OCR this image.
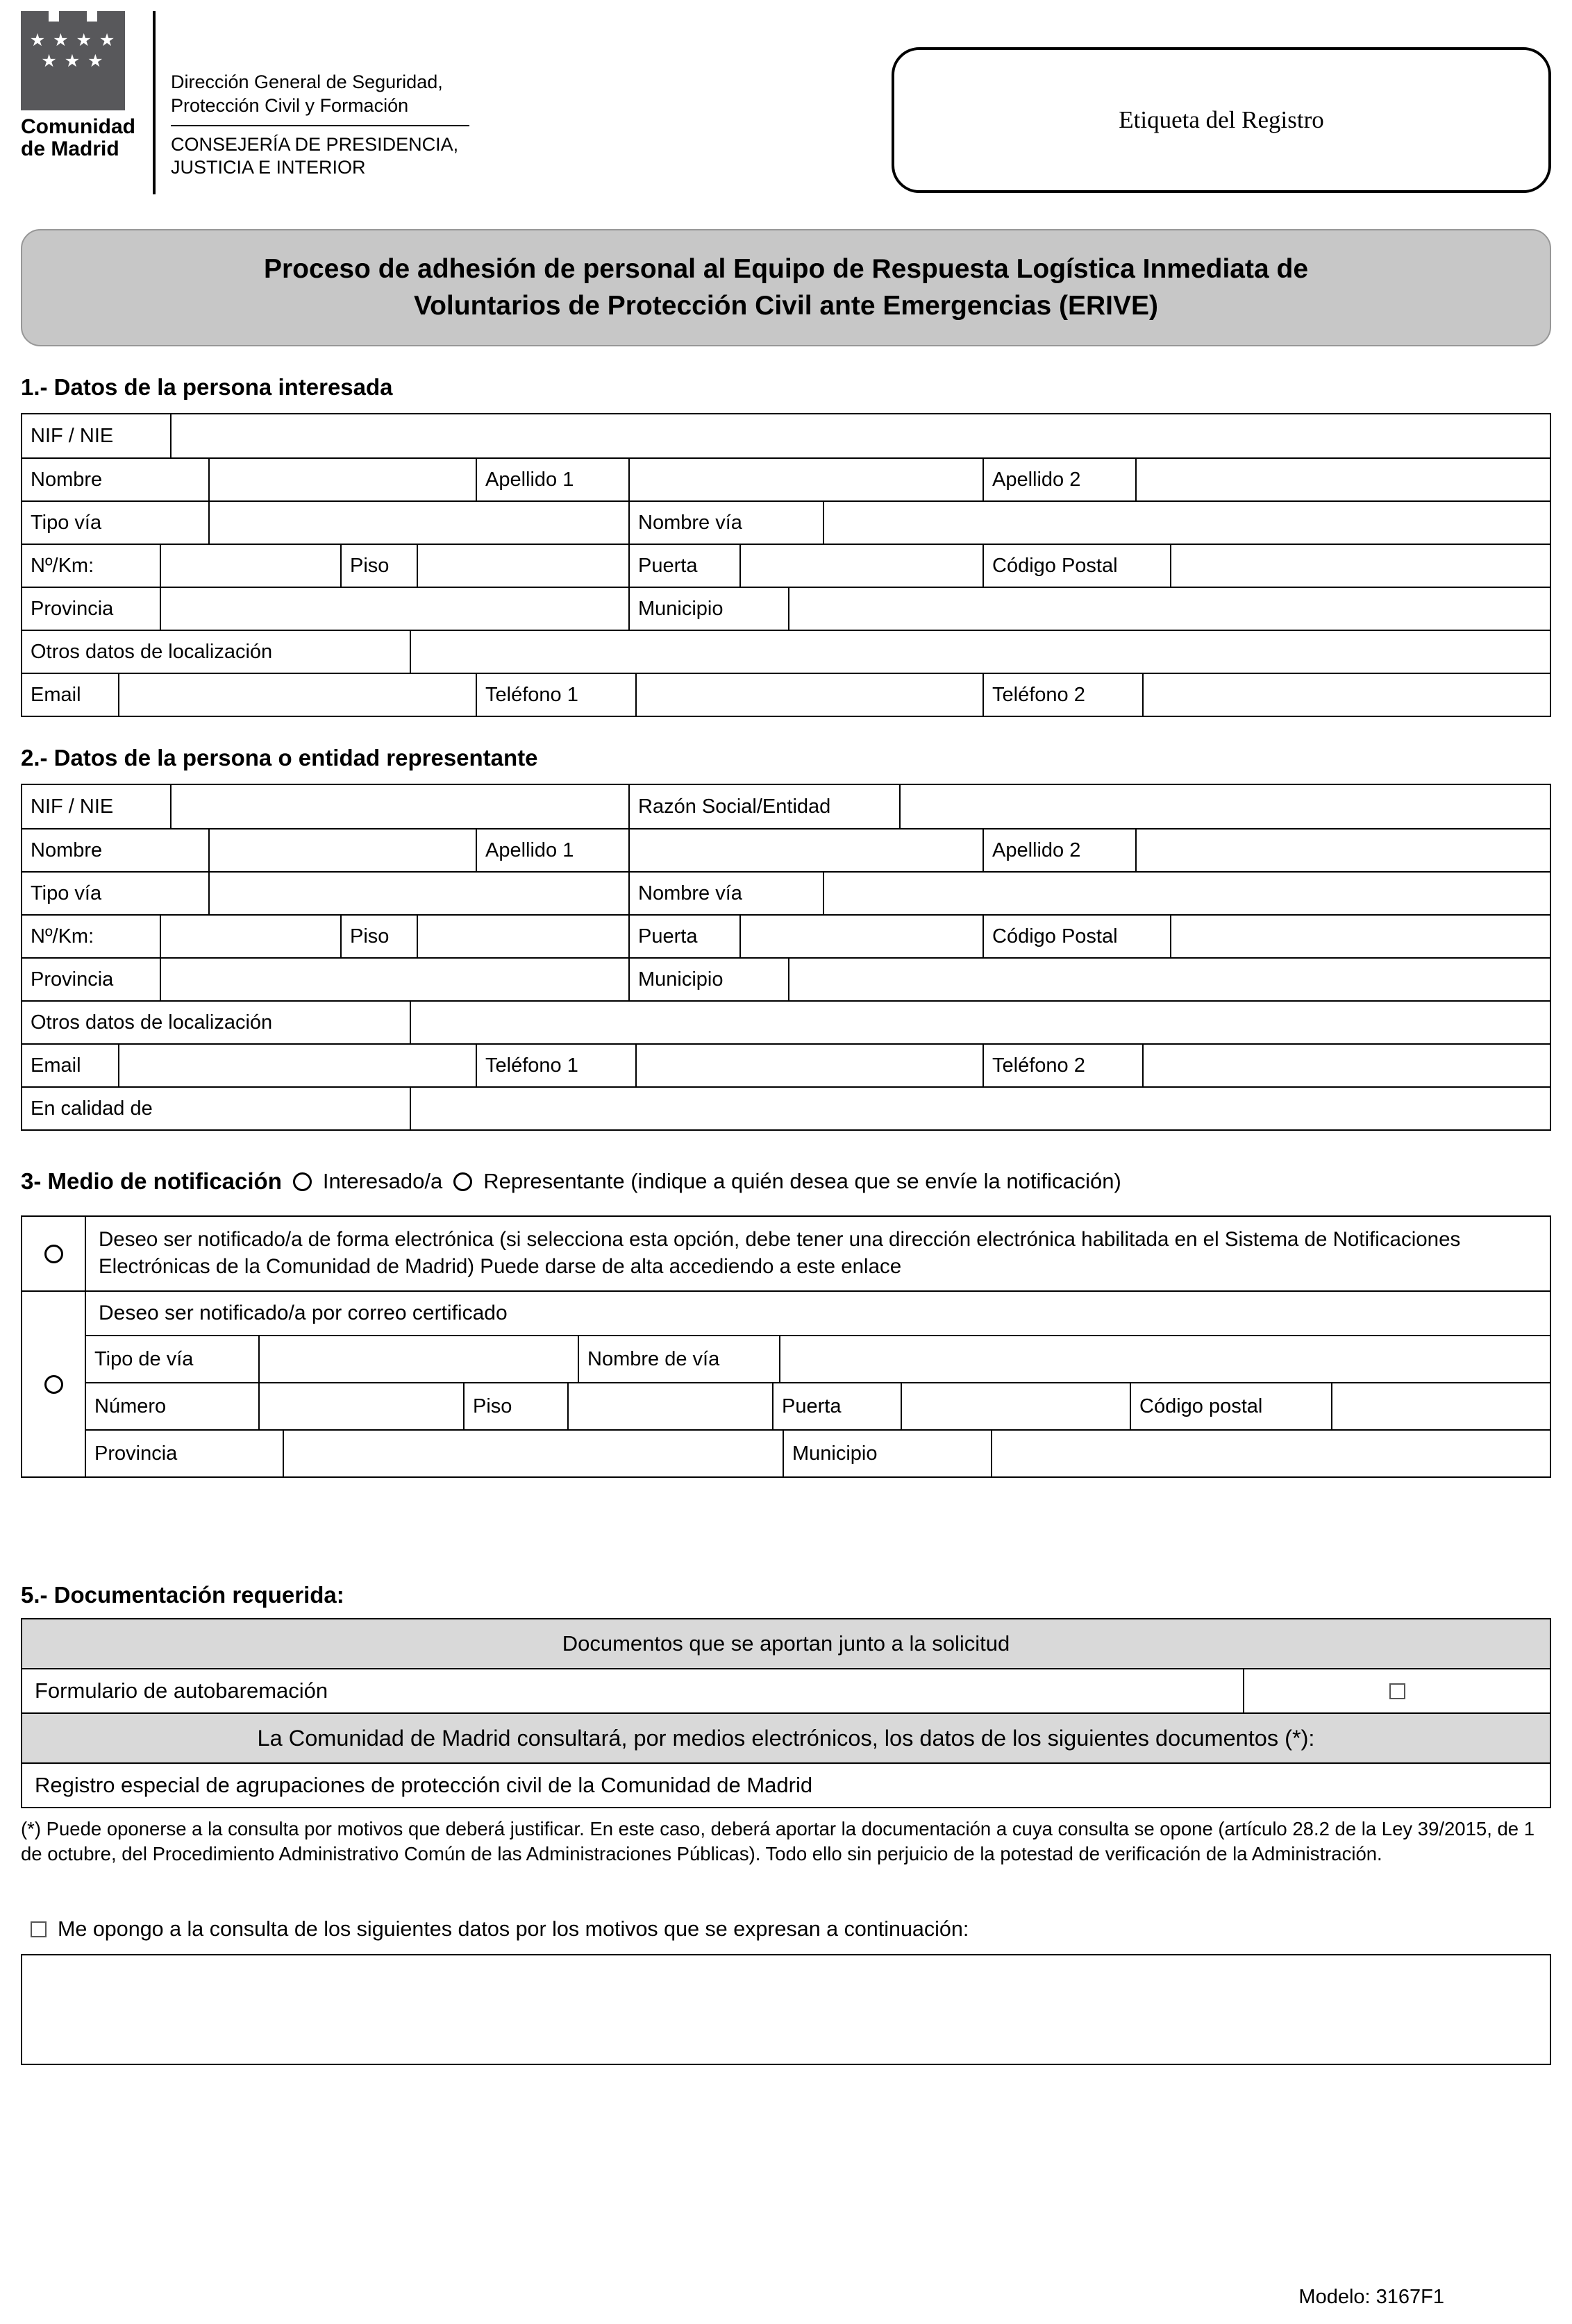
★ ★ ★ ★
★ ★ ★
Comunidad
de Madrid
Dirección General de Seguridad,
Protección Civil y Formación
CONSEJERÍA DE PRESIDENCIA,
JUSTICIA E INTERIOR
Etiqueta del Registro
Proceso de adhesión de personal al Equipo de Respuesta Logística Inmediata de
Voluntarios de Protección Civil ante Emergencias (ERIVE)
1.- Datos de la persona interesada
NIF / NIE
Nombre	Apellido 1	Apellido 2
Tipo vía	Nombre vía
Nº/Km:	Piso	Puerta	Código Postal
Provincia	Municipio
Otros datos de localización
Email	Teléfono 1	Teléfono 2
2.- Datos de la persona o entidad representante
NIF / NIE	Razón Social/Entidad
Nombre	Apellido 1	Apellido 2
Tipo vía	Nombre vía
Nº/Km:	Piso	Puerta	Código Postal
Provincia	Municipio
Otros datos de localización
Email	Teléfono 1	Teléfono 2
En calidad de
3- Medio de notificación Interesado/a Representante (indique a quién desea que se envíe la notificación)
Deseo ser notificado/a de forma electrónica (si selecciona esta opción, debe tener una dirección electrónica habilitada en el Sistema de Notificaciones Electrónicas de la Comunidad de Madrid) Puede darse de alta accediendo a este enlace
Deseo ser notificado/a por correo certificado
Tipo de vía	Nombre de vía
Número	Piso	Puerta	Código postal
Provincia	Municipio
5.- Documentación requerida:
Documentos que se aportan junto a la solicitud
Formulario de autobaremación
La Comunidad de Madrid consultará, por medios electrónicos, los datos de los siguientes documentos (*):
Registro especial de agrupaciones de protección civil de la Comunidad de Madrid
(*) Puede oponerse a la consulta por motivos que deberá justificar. En este caso, deberá aportar la documentación a cuya consulta se opone (artículo 28.2 de la Ley 39/2015, de 1 de octubre, del Procedimiento Administrativo Común de las Administraciones Públicas). Todo ello sin perjuicio de la potestad de verificación de la Administración.
Me opongo a la consulta de los siguientes datos por los motivos que se expresan a continuación:
Modelo: 3167F1
